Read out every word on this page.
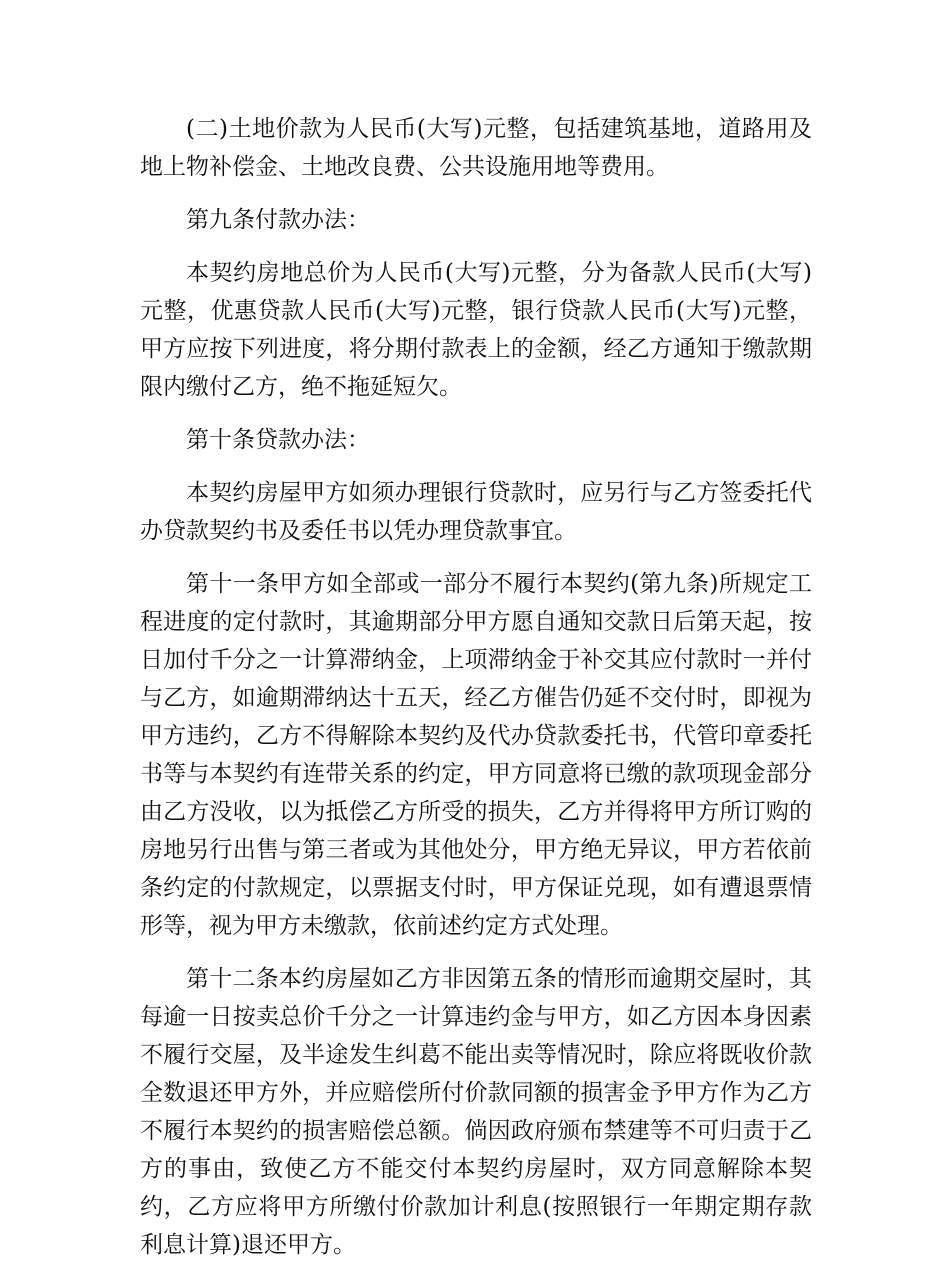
(二)土地价款为人民币(大写)元整，包括建筑基地，道路用及地上物补偿金、土地改良费、公共设施用地等费用。

第九条付款办法：

本契约房地总价为人民币(大写)元整，分为备款人民币(大写)元整，优惠贷款人民币(大写)元整，银行贷款人民币(大写)元整，甲方应按下列进度，将分期付款表上的金额，经乙方通知于缴款期限内缴付乙方，绝不拖延短欠。

第十条贷款办法：

本契约房屋甲方如须办理银行贷款时，应另行与乙方签委托代办贷款契约书及委任书以凭办理贷款事宜。

第十一条甲方如全部或一部分不履行本契约(第九条)所规定工程进度的定付款时，其逾期部分甲方愿自通知交款日后第天起，按日加付千分之一计算滞纳金，上项滞纳金于补交其应付款时一并付与乙方，如逾期滞纳达十五天，经乙方催告仍延不交付时，即视为甲方违约，乙方不得解除本契约及代办贷款委托书，代管印章委托书等与本契约有连带关系的约定，甲方同意将已缴的款项现金部分由乙方没收，以为抵偿乙方所受的损失，乙方并得将甲方所订购的房地另行出售与第三者或为其他处分，甲方绝无异议，甲方若依前条约定的付款规定，以票据支付时，甲方保证兑现，如有遭退票情形等，视为甲方未缴款，依前述约定方式处理。

第十二条本约房屋如乙方非因第五条的情形而逾期交屋时，其每逾一日按卖总价千分之一计算违约金与甲方，如乙方因本身因素不履行交屋，及半途发生纠葛不能出卖等情况时，除应将既收价款全数退还甲方外，并应赔偿所付价款同额的损害金予甲方作为乙方不履行本契约的损害赔偿总额。倘因政府颁布禁建等不可归责于乙方的事由，致使乙方不能交付本契约房屋时，双方同意解除本契约，乙方应将甲方所缴付价款加计利息(按照银行一年期定期存款利息计算)退还甲方。
